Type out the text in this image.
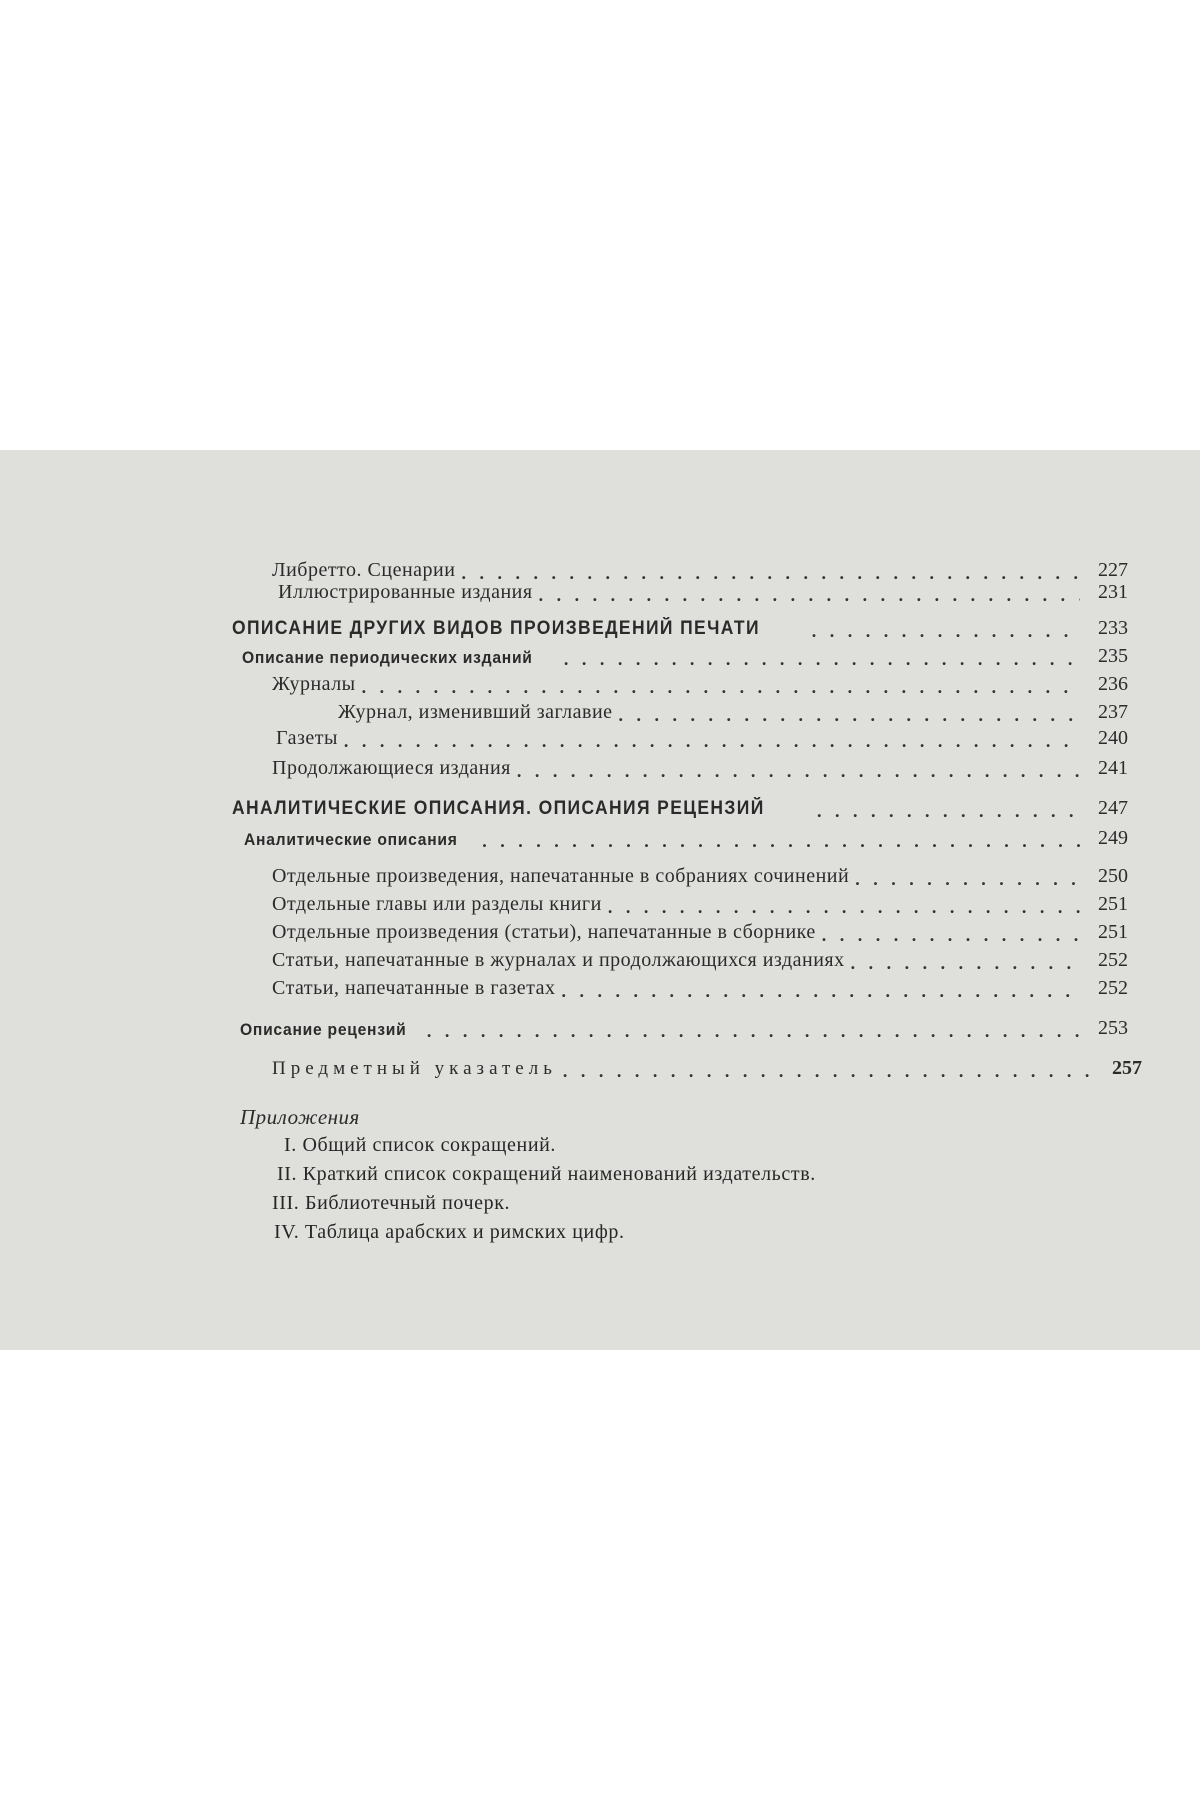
Либретто. Сценарии . . .	227
Иллюстрированные издания . . .	231
ОПИСАНИЕ ДРУГИХ ВИДОВ ПРОИЗВЕДЕНИЙ ПЕЧАТИ . . .	233
Описание периодических изданий . . .	235
Журналы . . .	236
Журнал, изменивший заглавие . . .	237
Газеты . . .	240
Продолжающиеся издания . . .	241
АНАЛИТИЧЕСКИЕ ОПИСАНИЯ. ОПИСАНИЯ РЕЦЕНЗИЙ . . .	247
Аналитические описания . . .	249
Отдельные произведения, напечатанные в собраниях сочинений . . .	250
Отдельные главы или разделы книги . . .	251
Отдельные произведения (статьи), напечатанные в сборнике . . .	251
Статьи, напечатанные в журналах и продолжающихся изданиях . . .	252
Статьи, напечатанные в газетах . . .	252
Описание рецензий . . .	253
Предметный указатель . . .	257
Приложения
I. Общий список сокращений.
II. Краткий список сокращений наименований издательств.
III. Библиотечный почерк.
IV. Таблица арабских и римских цифр.
